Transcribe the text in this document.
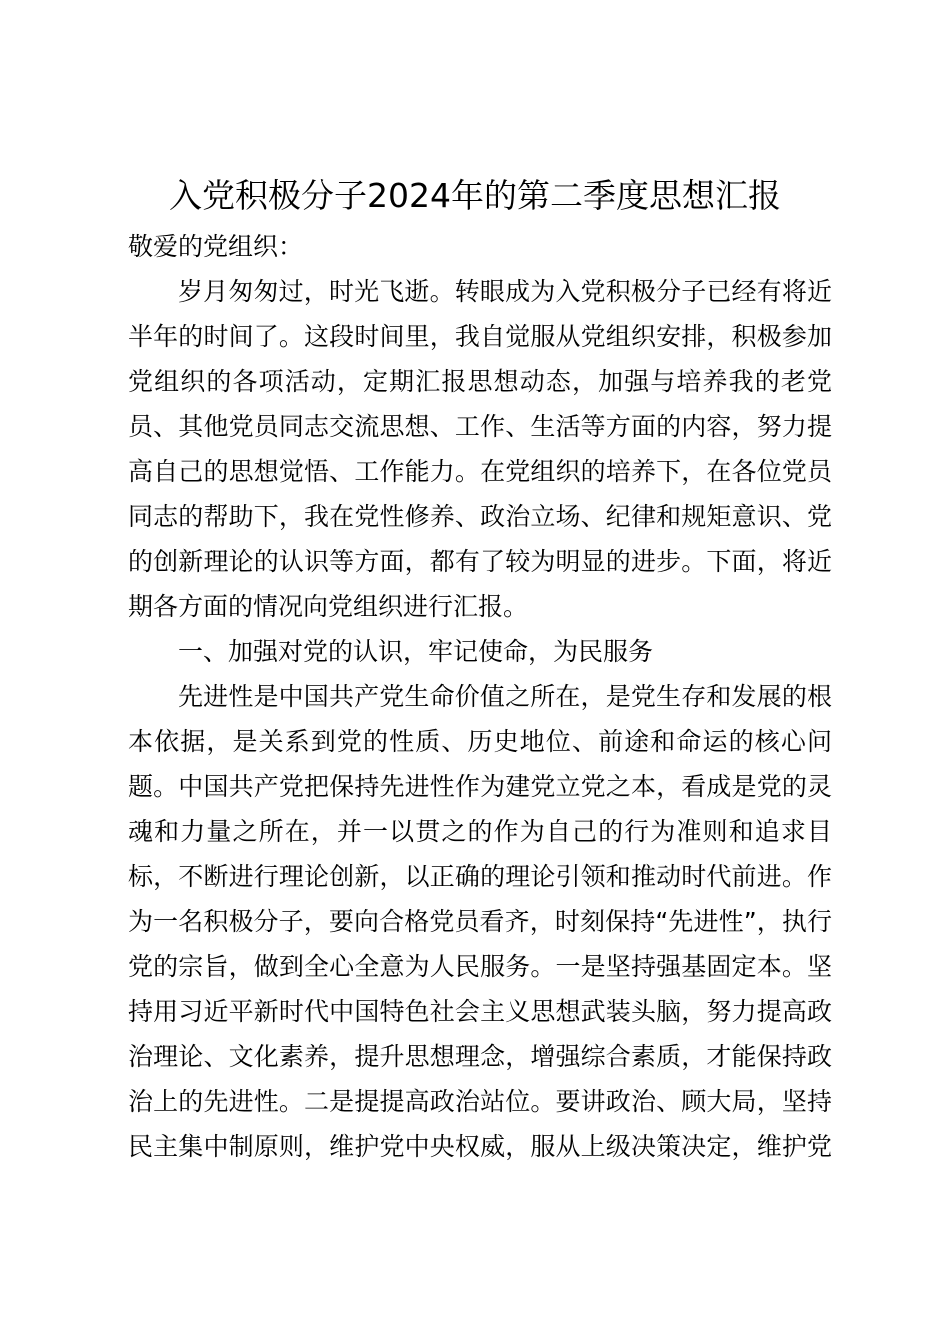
入党积极分子2024年的第二季度思想汇报
敬爱的党组织：
岁月匆匆过，时光飞逝。转眼成为入党积极分子已经有将近
半年的时间了。这段时间里，我自觉服从党组织安排，积极参加
党组织的各项活动，定期汇报思想动态，加强与培养我的老党
员、其他党员同志交流思想、工作、生活等方面的内容，努力提
高自己的思想觉悟、工作能力。在党组织的培养下，在各位党员
同志的帮助下，我在党性修养、政治立场、纪律和规矩意识、党
的创新理论的认识等方面，都有了较为明显的进步。下面，将近
期各方面的情况向党组织进行汇报。
一、加强对党的认识，牢记使命，为民服务
先进性是中国共产党生命价值之所在，是党生存和发展的根
本依据，是关系到党的性质、历史地位、前途和命运的核心问
题。中国共产党把保持先进性作为建党立党之本，看成是党的灵
魂和力量之所在，并一以贯之的作为自己的行为准则和追求目
标，不断进行理论创新，以正确的理论引领和推动时代前进。作
为一名积极分子，要向合格党员看齐，时刻保持“先进性”，执行
党的宗旨，做到全心全意为人民服务。一是坚持强基固定本。坚
持用习近平新时代中国特色社会主义思想武装头脑，努力提高政
治理论、文化素养，提升思想理念，增强综合素质，才能保持政
治上的先进性。二是提提高政治站位。要讲政治、顾大局，坚持
民主集中制原则，维护党中央权威，服从上级决策决定，维护党
